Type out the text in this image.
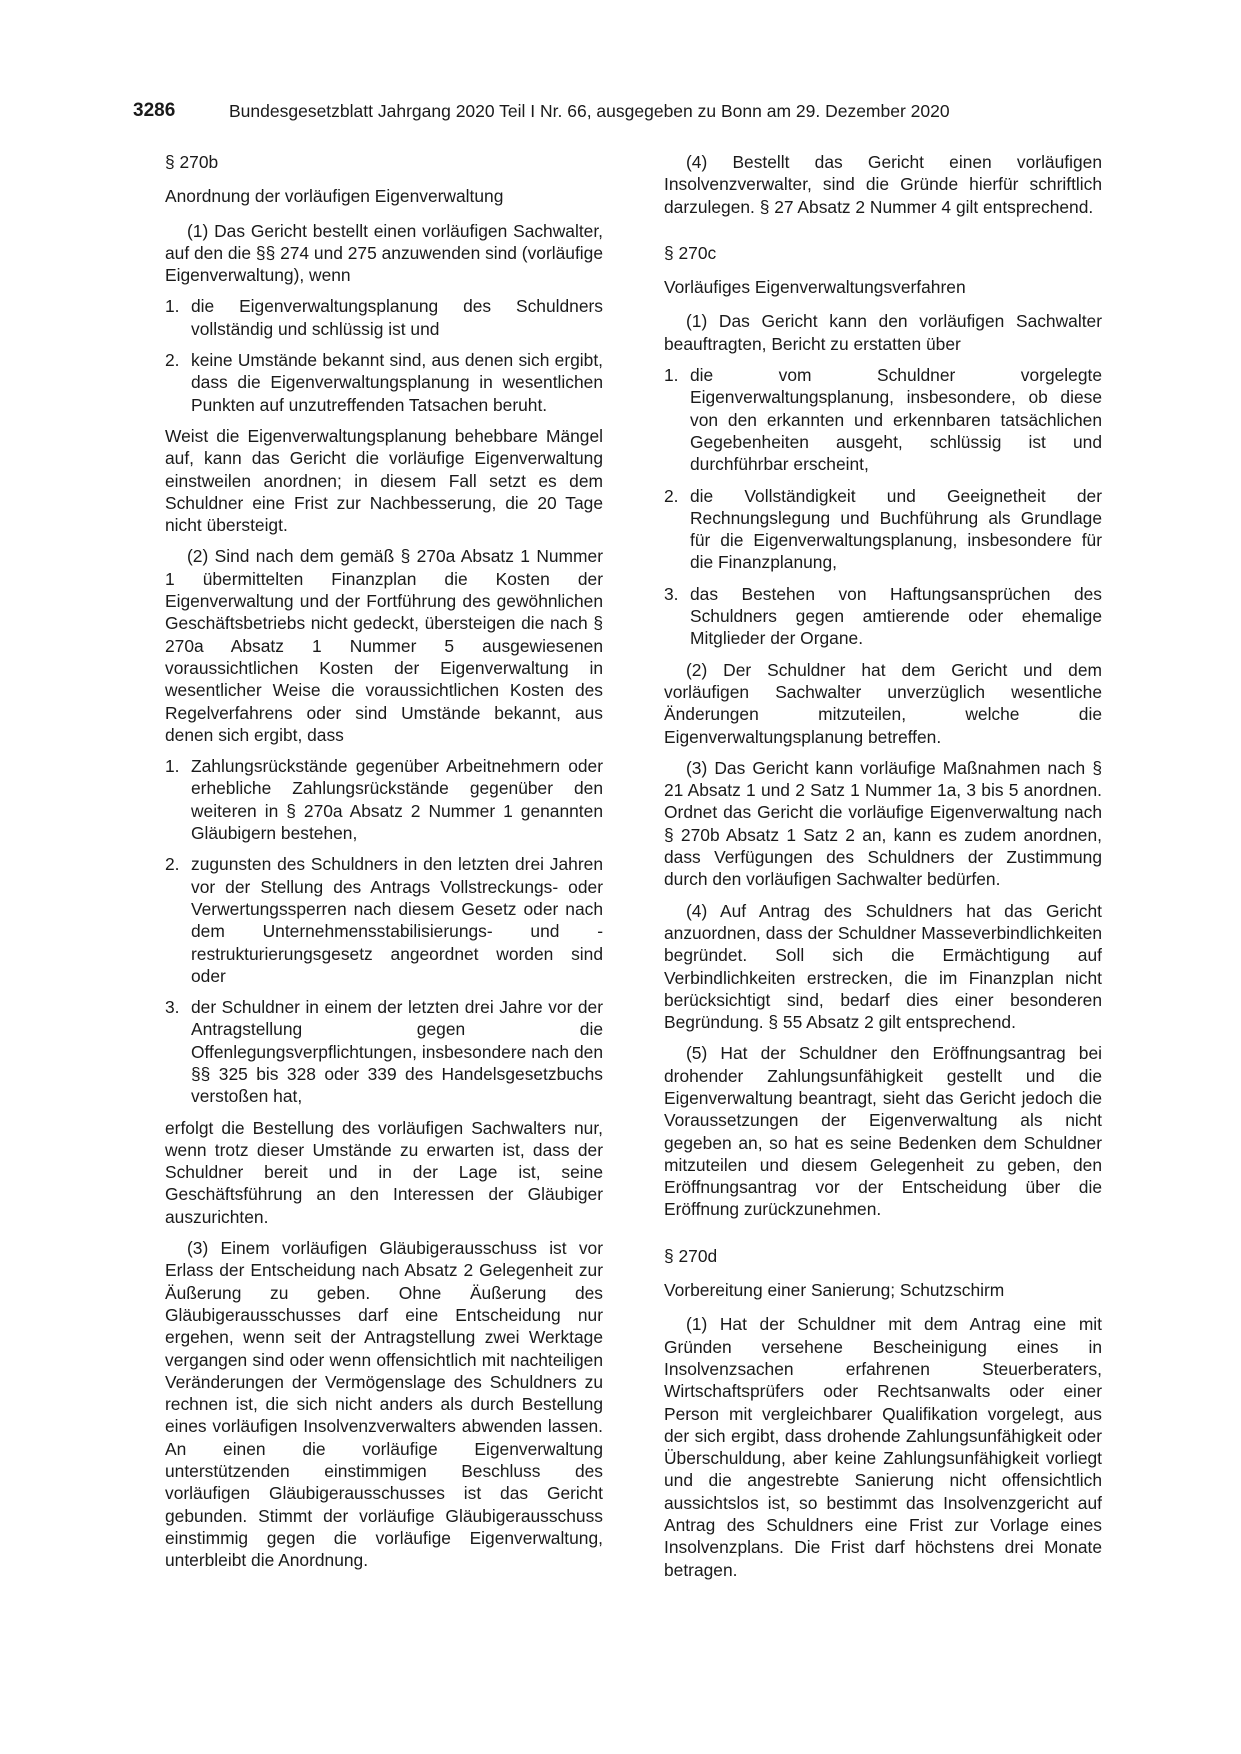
3286	Bundesgesetzblatt Jahrgang 2020 Teil I Nr. 66, ausgegeben zu Bonn am 29. Dezember 2020

§ 270b

Anordnung der vorläufigen Eigenverwaltung

(1) Das Gericht bestellt einen vorläufigen Sachwalter, auf den die §§ 274 und 275 anzuwenden sind (vorläufige Eigenverwaltung), wenn

1. die Eigenverwaltungsplanung des Schuldners vollständig und schlüssig ist und
2. keine Umstände bekannt sind, aus denen sich ergibt, dass die Eigenverwaltungsplanung in wesentlichen Punkten auf unzutreffenden Tatsachen beruht.

Weist die Eigenverwaltungsplanung behebbare Mängel auf, kann das Gericht die vorläufige Eigenverwaltung einstweilen anordnen; in diesem Fall setzt es dem Schuldner eine Frist zur Nachbesserung, die 20 Tage nicht übersteigt.

(2) Sind nach dem gemäß § 270a Absatz 1 Nummer 1 übermittelten Finanzplan die Kosten der Eigenverwaltung und der Fortführung des gewöhnlichen Geschäftsbetriebs nicht gedeckt, übersteigen die nach § 270a Absatz 1 Nummer 5 ausgewiesenen voraussichtlichen Kosten der Eigenverwaltung in wesentlicher Weise die voraussichtlichen Kosten des Regelverfahrens oder sind Umstände bekannt, aus denen sich ergibt, dass

1. Zahlungsrückstände gegenüber Arbeitnehmern oder erhebliche Zahlungsrückstände gegenüber den weiteren in § 270a Absatz 2 Nummer 1 genannten Gläubigern bestehen,
2. zugunsten des Schuldners in den letzten drei Jahren vor der Stellung des Antrags Vollstreckungs- oder Verwertungssperren nach diesem Gesetz oder nach dem Unternehmensstabilisierungs- und -restrukturierungsgesetz angeordnet worden sind oder
3. der Schuldner in einem der letzten drei Jahre vor der Antragstellung gegen die Offenlegungsverpflichtungen, insbesondere nach den §§ 325 bis 328 oder 339 des Handelsgesetzbuchs verstoßen hat,

erfolgt die Bestellung des vorläufigen Sachwalters nur, wenn trotz dieser Umstände zu erwarten ist, dass der Schuldner bereit und in der Lage ist, seine Geschäftsführung an den Interessen der Gläubiger auszurichten.

(3) Einem vorläufigen Gläubigerausschuss ist vor Erlass der Entscheidung nach Absatz 2 Gelegenheit zur Äußerung zu geben. Ohne Äußerung des Gläubigerausschusses darf eine Entscheidung nur ergehen, wenn seit der Antragstellung zwei Werktage vergangen sind oder wenn offensichtlich mit nachteiligen Veränderungen der Vermögenslage des Schuldners zu rechnen ist, die sich nicht anders als durch Bestellung eines vorläufigen Insolvenzverwalters abwenden lassen. An einen die vorläufige Eigenverwaltung unterstützenden einstimmigen Beschluss des vorläufigen Gläubigerausschusses ist das Gericht gebunden. Stimmt der vorläufige Gläubigerausschuss einstimmig gegen die vorläufige Eigenverwaltung, unterbleibt die Anordnung.

(4) Bestellt das Gericht einen vorläufigen Insolvenzverwalter, sind die Gründe hierfür schriftlich darzulegen. § 27 Absatz 2 Nummer 4 gilt entsprechend.

§ 270c

Vorläufiges Eigenverwaltungsverfahren

(1) Das Gericht kann den vorläufigen Sachwalter beauftragten, Bericht zu erstatten über

1. die vom Schuldner vorgelegte Eigenverwaltungsplanung, insbesondere, ob diese von den erkannten und erkennbaren tatsächlichen Gegebenheiten ausgeht, schlüssig ist und durchführbar erscheint,
2. die Vollständigkeit und Geeignetheit der Rechnungslegung und Buchführung als Grundlage für die Eigenverwaltungsplanung, insbesondere für die Finanzplanung,
3. das Bestehen von Haftungsansprüchen des Schuldners gegen amtierende oder ehemalige Mitglieder der Organe.

(2) Der Schuldner hat dem Gericht und dem vorläufigen Sachwalter unverzüglich wesentliche Änderungen mitzuteilen, welche die Eigenverwaltungsplanung betreffen.

(3) Das Gericht kann vorläufige Maßnahmen nach § 21 Absatz 1 und 2 Satz 1 Nummer 1a, 3 bis 5 anordnen. Ordnet das Gericht die vorläufige Eigenverwaltung nach § 270b Absatz 1 Satz 2 an, kann es zudem anordnen, dass Verfügungen des Schuldners der Zustimmung durch den vorläufigen Sachwalter bedürfen.

(4) Auf Antrag des Schuldners hat das Gericht anzuordnen, dass der Schuldner Masseverbindlichkeiten begründet. Soll sich die Ermächtigung auf Verbindlichkeiten erstrecken, die im Finanzplan nicht berücksichtigt sind, bedarf dies einer besonderen Begründung. § 55 Absatz 2 gilt entsprechend.

(5) Hat der Schuldner den Eröffnungsantrag bei drohender Zahlungsunfähigkeit gestellt und die Eigenverwaltung beantragt, sieht das Gericht jedoch die Voraussetzungen der Eigenverwaltung als nicht gegeben an, so hat es seine Bedenken dem Schuldner mitzuteilen und diesem Gelegenheit zu geben, den Eröffnungsantrag vor der Entscheidung über die Eröffnung zurückzunehmen.

§ 270d

Vorbereitung einer Sanierung; Schutzschirm

(1) Hat der Schuldner mit dem Antrag eine mit Gründen versehene Bescheinigung eines in Insolvenzsachen erfahrenen Steuerberaters, Wirtschaftsprüfers oder Rechtsanwalts oder einer Person mit vergleichbarer Qualifikation vorgelegt, aus der sich ergibt, dass drohende Zahlungsunfähigkeit oder Überschuldung, aber keine Zahlungsunfähigkeit vorliegt und die angestrebte Sanierung nicht offensichtlich aussichtslos ist, so bestimmt das Insolvenzgericht auf Antrag des Schuldners eine Frist zur Vorlage eines Insolvenzplans. Die Frist darf höchstens drei Monate betragen.
